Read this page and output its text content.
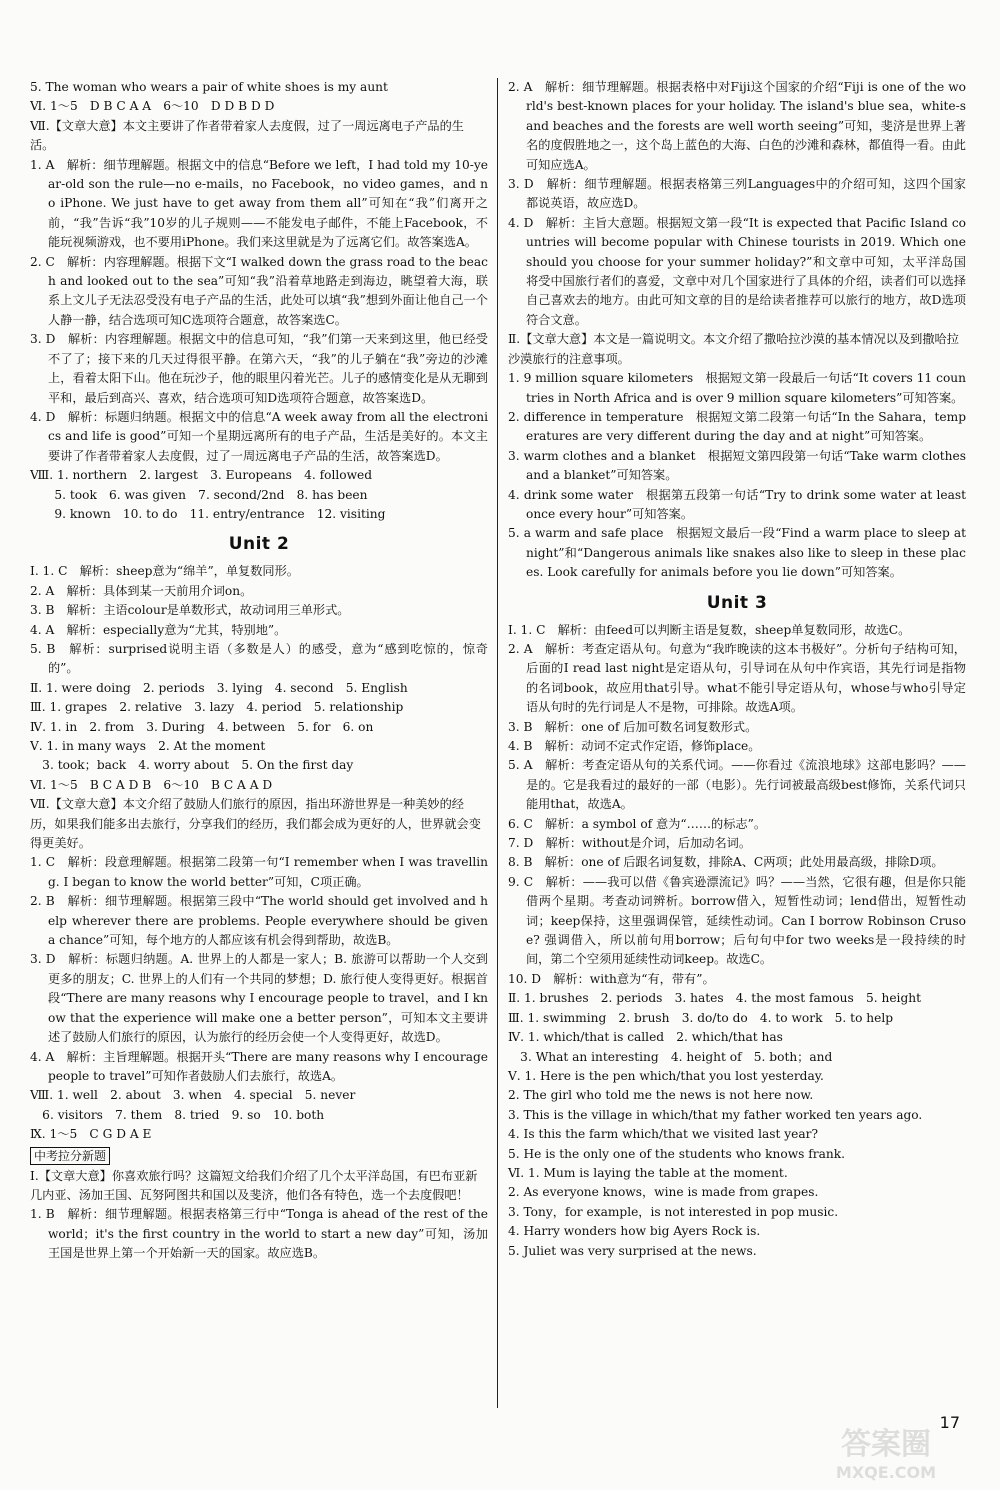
5. The woman who wears a pair of white shoes is my aunt

Ⅵ. 1～5　D B C A A　6～10　D D B D D

Ⅶ.【文章大意】本文主要讲了作者带着家人去度假，过了一周远离电子产品的生活。

1. A　解析：细节理解题。根据文中的信息“Before we left，I had told my 10-year-old son the rule—no e-mails，no Facebook，no video games，and no iPhone. We just have to get away from them all”可知在“我”们离开之前，“我”告诉“我”10岁的儿子规则——不能发电子邮件，不能上Facebook，不能玩视频游戏，也不要用iPhone。我们来这里就是为了远离它们。故答案选A。

2. C　解析：内容理解题。根据下文“I walked down the grass road to the beach and looked out to the sea”可知“我”沿着草地路走到海边，眺望着大海，联系上文儿子无法忍受没有电子产品的生活，此处可以填“我”想到外面让他自己一个人静一静，结合选项可知C选项符合题意，故答案选C。

3. D　解析：内容理解题。根据文中的信息可知，“我”们第一天来到这里，他已经受不了了；接下来的几天过得很平静。在第六天，“我”的儿子躺在“我”旁边的沙滩上，看着太阳下山。他在玩沙子，他的眼里闪着光芒。儿子的感情变化是从无聊到平和，最后到高兴、喜欢，结合选项可知D选项符合题意，故答案选D。

4. D　解析：标题归纳题。根据文中的信息“A week away from all the electronics and life is good”可知一个星期远离所有的电子产品，生活是美好的。本文主要讲了作者带着家人去度假，过了一周远离电子产品的生活，故答案选D。

Ⅷ. 1. northern　2. largest　3. Europeans　4. followed

　　5. took　6. was given　7. second/2nd　8. has been

　　9. known　10. to do　11. entry/entrance　12. visiting

Unit 2

Ⅰ. 1. C　解析：sheep意为“绵羊”，单复数同形。

2. A　解析：具体到某一天前用介词on。

3. B　解析：主语colour是单数形式，故动词用三单形式。

4. A　解析：especially意为“尤其，特别地”。

5. B　解析：surprised说明主语（多数是人）的感受，意为“感到吃惊的，惊奇的”。

Ⅱ. 1. were doing　2. periods　3. lying　4. second　5. English

Ⅲ. 1. grapes　2. relative　3. lazy　4. period　5. relationship

Ⅳ. 1. in　2. from　3. During　4. between　5. for　6. on

Ⅴ. 1. in many ways　2. At the moment

　3. took；back　4. worry about　5. On the first day

Ⅵ. 1～5　B C A D B　6～10　B C A A D

Ⅶ.【文章大意】本文介绍了鼓励人们旅行的原因，指出环游世界是一种美妙的经历，如果我们能多出去旅行，分享我们的经历，我们都会成为更好的人，世界就会变得更美好。

1. C　解析：段意理解题。根据第二段第一句“I remember when I was travelling. I began to know the world better”可知，C项正确。

2. B　解析：细节理解题。根据第三段中“The world should get involved and help wherever there are problems. People everywhere should be given a chance”可知，每个地方的人都应该有机会得到帮助，故选B。

3. D　解析：标题归纳题。A. 世界上的人都是一家人；B. 旅游可以帮助一个人交到更多的朋友；C. 世界上的人们有一个共同的梦想；D. 旅行使人变得更好。根据首段“There are many reasons why I encourage people to travel，and I know that the experience will make one a better person”，可知本文主要讲述了鼓励人们旅行的原因，认为旅行的经历会使一个人变得更好，故选D。

4. A　解析：主旨理解题。根据开头“There are many reasons why I encourage people to travel”可知作者鼓励人们去旅行，故选A。

Ⅷ. 1. well　2. about　3. when　4. special　5. never

　6. visitors　7. them　8. tried　9. so　10. both

Ⅸ. 1～5　C G D A E

中考拉分新题

Ⅰ.【文章大意】你喜欢旅行吗？这篇短文给我们介绍了几个太平洋岛国，有巴布亚新几内亚、汤加王国、瓦努阿图共和国以及斐济，他们各有特色，选一个去度假吧！

1. B　解析：细节理解题。根据表格第三行中“Tonga is ahead of the rest of the world；it's the first country in the world to start a new day”可知，汤加王国是世界上第一个开始新一天的国家。故应选B。

2. A　解析：细节理解题。根据表格中对Fiji这个国家的介绍“Fiji is one of the world's best-known places for your holiday. The island's blue sea，white-sand beaches and the forests are well worth seeing”可知，斐济是世界上著名的度假胜地之一，这个岛上蓝色的大海、白色的沙滩和森林，都值得一看。由此可知应选A。

3. D　解析：细节理解题。根据表格第三列Languages中的介绍可知，这四个国家都说英语，故应选D。

4. D　解析：主旨大意题。根据短文第一段“It is expected that Pacific Island countries will become popular with Chinese tourists in 2019. Which one should you choose for your summer holiday?”和文章中可知，太平洋岛国将受中国旅行者们的喜爱，文章中对几个国家进行了具体的介绍，读者们可以选择自己喜欢去的地方。由此可知文章的目的是给读者推荐可以旅行的地方，故D选项符合文意。

Ⅱ.【文章大意】本文是一篇说明文。本文介绍了撒哈拉沙漠的基本情况以及到撒哈拉沙漠旅行的注意事项。

1. 9 million square kilometers　根据短文第一段最后一句话“It covers 11 countries in North Africa and is over 9 million square kilometers”可知答案。

2. difference in temperature　根据短文第二段第一句话“In the Sahara，temperatures are very different during the day and at night”可知答案。

3. warm clothes and a blanket　根据短文第四段第一句话“Take warm clothes and a blanket”可知答案。

4. drink some water　根据第五段第一句话“Try to drink some water at least once every hour”可知答案。

5. a warm and safe place　根据短文最后一段“Find a warm place to sleep at night”和“Dangerous animals like snakes also like to sleep in these places. Look carefully for animals before you lie down”可知答案。

Unit 3

Ⅰ. 1. C　解析：由feed可以判断主语是复数，sheep单复数同形，故选C。

2. A　解析：考查定语从句。句意为“我昨晚读的这本书极好”。分析句子结构可知，后面的I read last night是定语从句，引导词在从句中作宾语，其先行词是指物的名词book，故应用that引导。what不能引导定语从句，whose与who引导定语从句时的先行词是人不是物，可排除。故选A项。

3. B　解析：one of 后加可数名词复数形式。

4. B　解析：动词不定式作定语，修饰place。

5. A　解析：考查定语从句的关系代词。——你看过《流浪地球》这部电影吗？——是的。它是我看过的最好的一部（电影）。先行词被最高级best修饰，关系代词只能用that，故选A。

6. C　解析：a symbol of 意为“……的标志”。

7. D　解析：without是介词，后加动名词。

8. B　解析：one of 后跟名词复数，排除A、C两项；此处用最高级，排除D项。

9. C　解析：——我可以借《鲁宾逊漂流记》吗？——当然，它很有趣，但是你只能借两个星期。考查动词辨析。borrow借入，短暂性动词；lend借出，短暂性动词；keep保持，这里强调保管，延续性动词。Can I borrow Robinson Crusoe? 强调借入，所以前句用borrow；后句句中for two weeks是一段持续的时间，第二个空须用延续性动词keep。故选C。

10. D　解析：with意为“有，带有”。

Ⅱ. 1. brushes　2. periods　3. hates　4. the most famous　5. height

Ⅲ. 1. swimming　2. brush　3. do/to do　4. to work　5. to help

Ⅳ. 1. which/that is called　2. which/that has

　3. What an interesting　4. height of　5. both；and

Ⅴ. 1. Here is the pen which/that you lost yesterday.

2. The girl who told me the news is not here now.

3. This is the village in which/that my father worked ten years ago.

4. Is this the farm which/that we visited last year?

5. He is the only one of the students who knows frank.

Ⅵ. 1. Mum is laying the table at the moment.

2. As everyone knows，wine is made from grapes.

3. Tony，for example，is not interested in pop music.

4. Harry wonders how big Ayers Rock is.

5. Juliet was very surprised at the news.

17
答案圈
MXQE.COM
